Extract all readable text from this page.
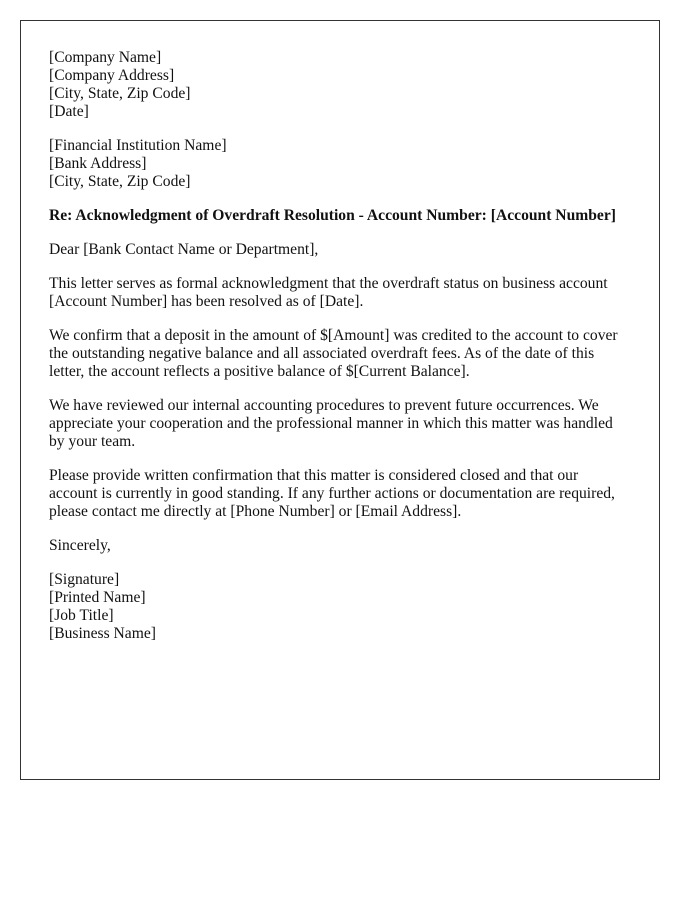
[Company Name]
[Company Address]
[City, State, Zip Code]
[Date]
[Financial Institution Name]
[Bank Address]
[City, State, Zip Code]

Re: Acknowledgment of Overdraft Resolution - Account Number: [Account Number]

Dear [Bank Contact Name or Department],

This letter serves as formal acknowledgment that the overdraft status on business account
[Account Number] has been resolved as of [Date].

We confirm that a deposit in the amount of $[Amount] was credited to the account to cover
the outstanding negative balance and all associated overdraft fees. As of the date of this
letter, the account reflects a positive balance of $[Current Balance].

We have reviewed our internal accounting procedures to prevent future occurrences. We
appreciate your cooperation and the professional manner in which this matter was handled
by your team.

Please provide written confirmation that this matter is considered closed and that our
account is currently in good standing. If any further actions or documentation are required,
please contact me directly at [Phone Number] or [Email Address].

Sincerely,

[Signature]
[Printed Name]
[Job Title]
[Business Name]
